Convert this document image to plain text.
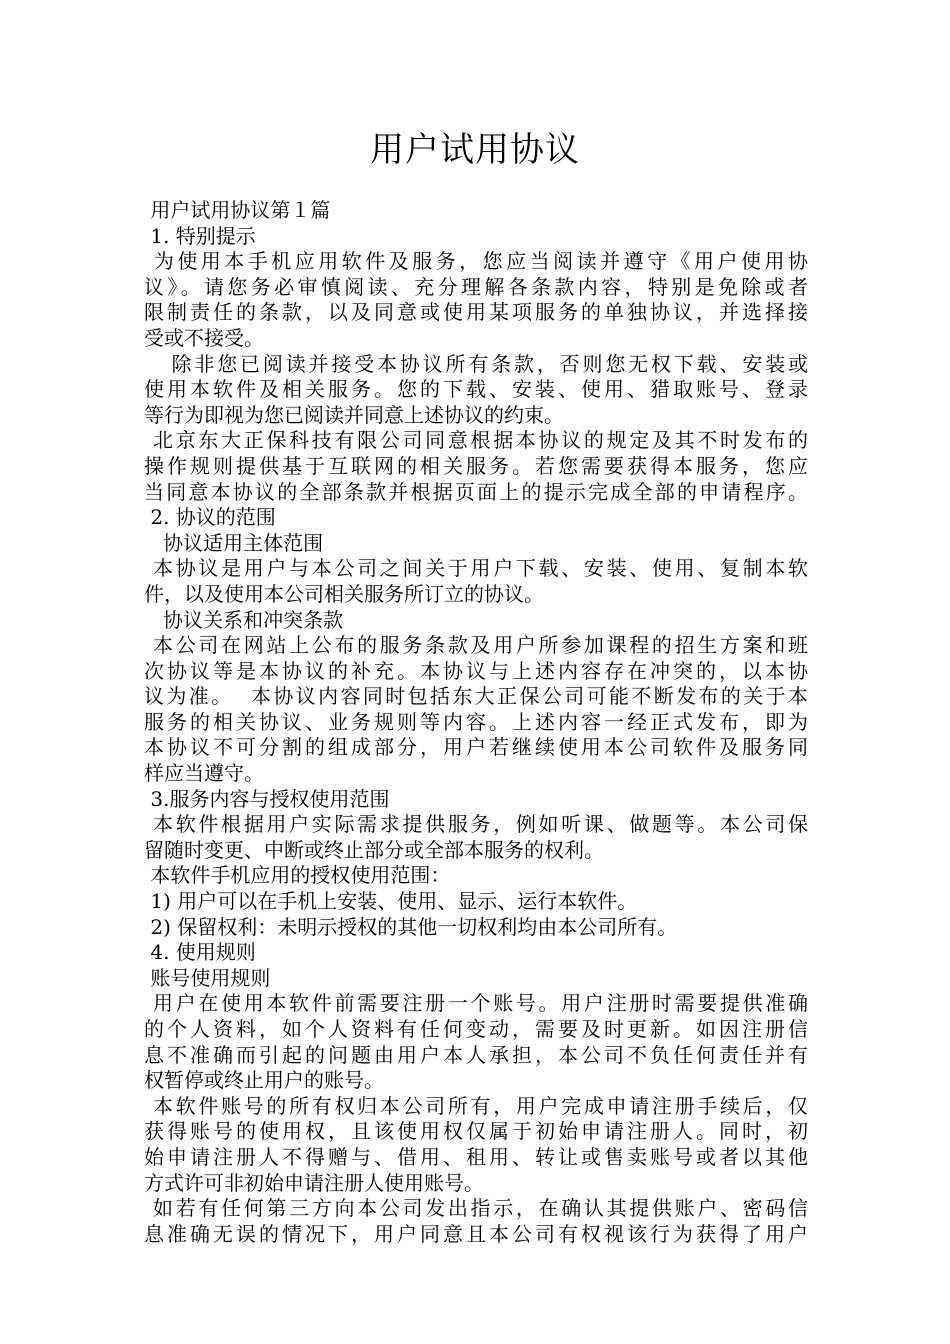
用户试用协议
用户试用协议第１篇
1. 特别提示
为使用本手机应用软件及服务，您应当阅读并遵守《用户使用协
议》。请您务必审慎阅读、充分理解各条款内容，特别是免除或者
限制责任的条款，以及同意或使用某项服务的单独协议，并选择接
受或不接受。
除非您已阅读并接受本协议所有条款，否则您无权下载、安装或
使用本软件及相关服务。您的下载、安装、使用、猎取账号、登录
等行为即视为您已阅读并同意上述协议的约束。
北京东大正保科技有限公司同意根据本协议的规定及其不时发布的
操作规则提供基于互联网的相关服务。若您需要获得本服务，您应
当同意本协议的全部条款并根据页面上的提示完成全部的申请程序。
2. 协议的范围
协议适用主体范围
本协议是用户与本公司之间关于用户下载、安装、使用、复制本软
件，以及使用本公司相关服务所订立的协议。
协议关系和冲突条款
本公司在网站上公布的服务条款及用户所参加课程的招生方案和班
次协议等是本协议的补充。本协议与上述内容存在冲突的，以本协
议为准。  本协议内容同时包括东大正保公司可能不断发布的关于本
服务的相关协议、业务规则等内容。上述内容一经正式发布，即为
本协议不可分割的组成部分，用户若继续使用本公司软件及服务同
样应当遵守。
3.服务内容与授权使用范围
本软件根据用户实际需求提供服务，例如听课、做题等。本公司保
留随时变更、中断或终止部分或全部本服务的权利。
本软件手机应用的授权使用范围：
1) 用户可以在手机上安装、使用、显示、运行本软件。
2) 保留权利：未明示授权的其他一切权利均由本公司所有。
4. 使用规则
账号使用规则
用户在使用本软件前需要注册一个账号。用户注册时需要提供准确
的个人资料，如个人资料有任何变动，需要及时更新。如因注册信
息不准确而引起的问题由用户本人承担，本公司不负任何责任并有
权暂停或终止用户的账号。
本软件账号的所有权归本公司所有，用户完成申请注册手续后，仅
获得账号的使用权，且该使用权仅属于初始申请注册人。同时，初
始申请注册人不得赠与、借用、租用、转让或售卖账号或者以其他
方式许可非初始申请注册人使用账号。
如若有任何第三方向本公司发出指示，在确认其提供账户、密码信
息准确无误的情况下，用户同意且本公司有权视该行为获得了用户
